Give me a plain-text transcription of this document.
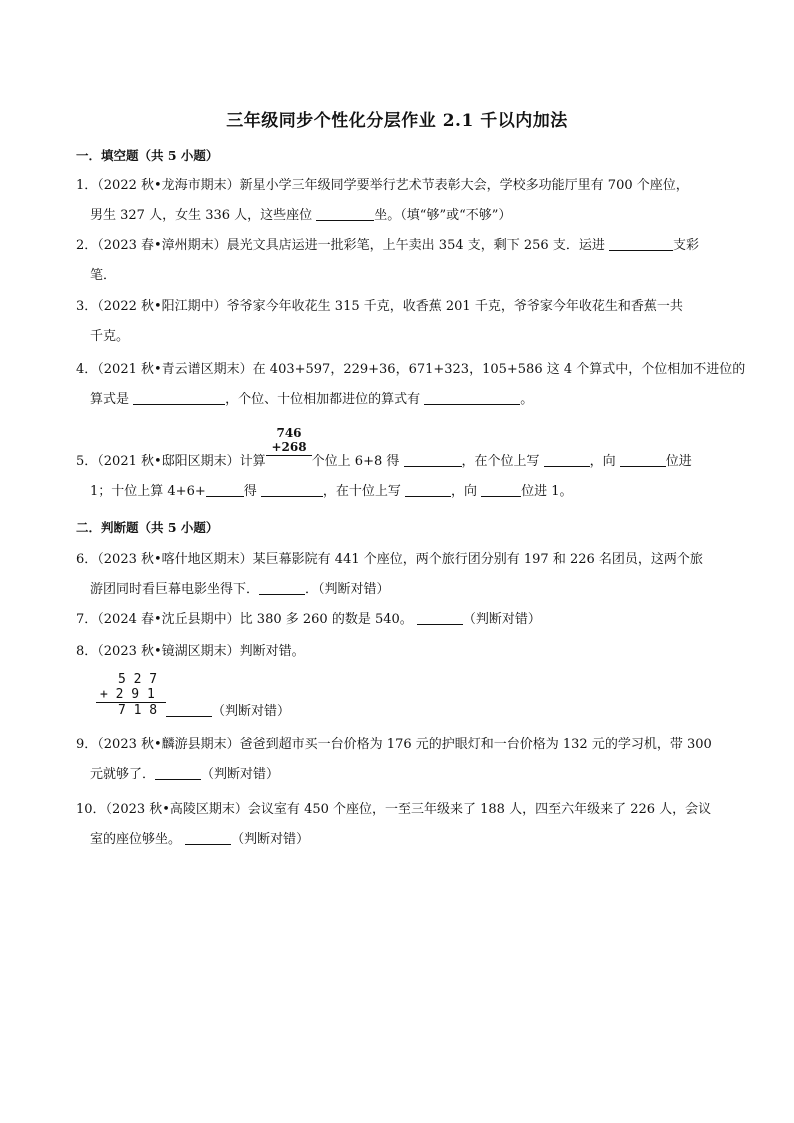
三年级同步个性化分层作业 2.1 千以内加法
一．填空题（共 5 小题）
1．（2022 秋•龙海市期末）新星小学三年级同学要举行艺术节表彰大会，学校多功能厅里有 700 个座位，
男生 327 人，女生 336 人，这些座位	坐。（填“够”或“不够”）
2．（2023 春•漳州期末）晨光文具店运进一批彩笔，上午卖出 354 支，剩下 256 支．运进	支彩
笔．
3．（2022 秋•阳江期中）爷爷家今年收花生 315 千克，收香蕉 201 千克，爷爷家今年收花生和香蕉一共
千克。
4．（2021 秋•青云谱区期末）在 403+597，229+36，671+323，105+586 这 4 个算式中，个位相加不进位的
算式是	，个位、十位相加都进位的算式有	。
746
+268
5．（2021 秋•邸阳区期末）计算	个位上 6+8 得	，在个位上写	，向	位进
1；十位上算 4+6+	得	，在十位上写	，向	位进 1。
二．判断题（共 5 小题）
6．（2023 秋•喀什地区期末）某巨幕影院有 441 个座位，两个旅行团分别有 197 和 226 名团员，这两个旅
游团同时看巨幕电影坐得下．	．（判断对错）
7．（2024 春•沈丘县期中）比 380 多 260 的数是 540。	（判断对错）
8．（2023 秋•镜湖区期末）判断对错。
5 2 7
+ 2 9 1
7 1 8	（判断对错）
9．（2023 秋•麟游县期末）爸爸到超市买一台价格为 176 元的护眼灯和一台价格为 132 元的学习机，带 300
元就够了．	（判断对错）
10．（2023 秋•高陵区期末）会议室有 450 个座位，一至三年级来了 188 人，四至六年级来了 226 人，会议
室的座位够坐。	（判断对错）
